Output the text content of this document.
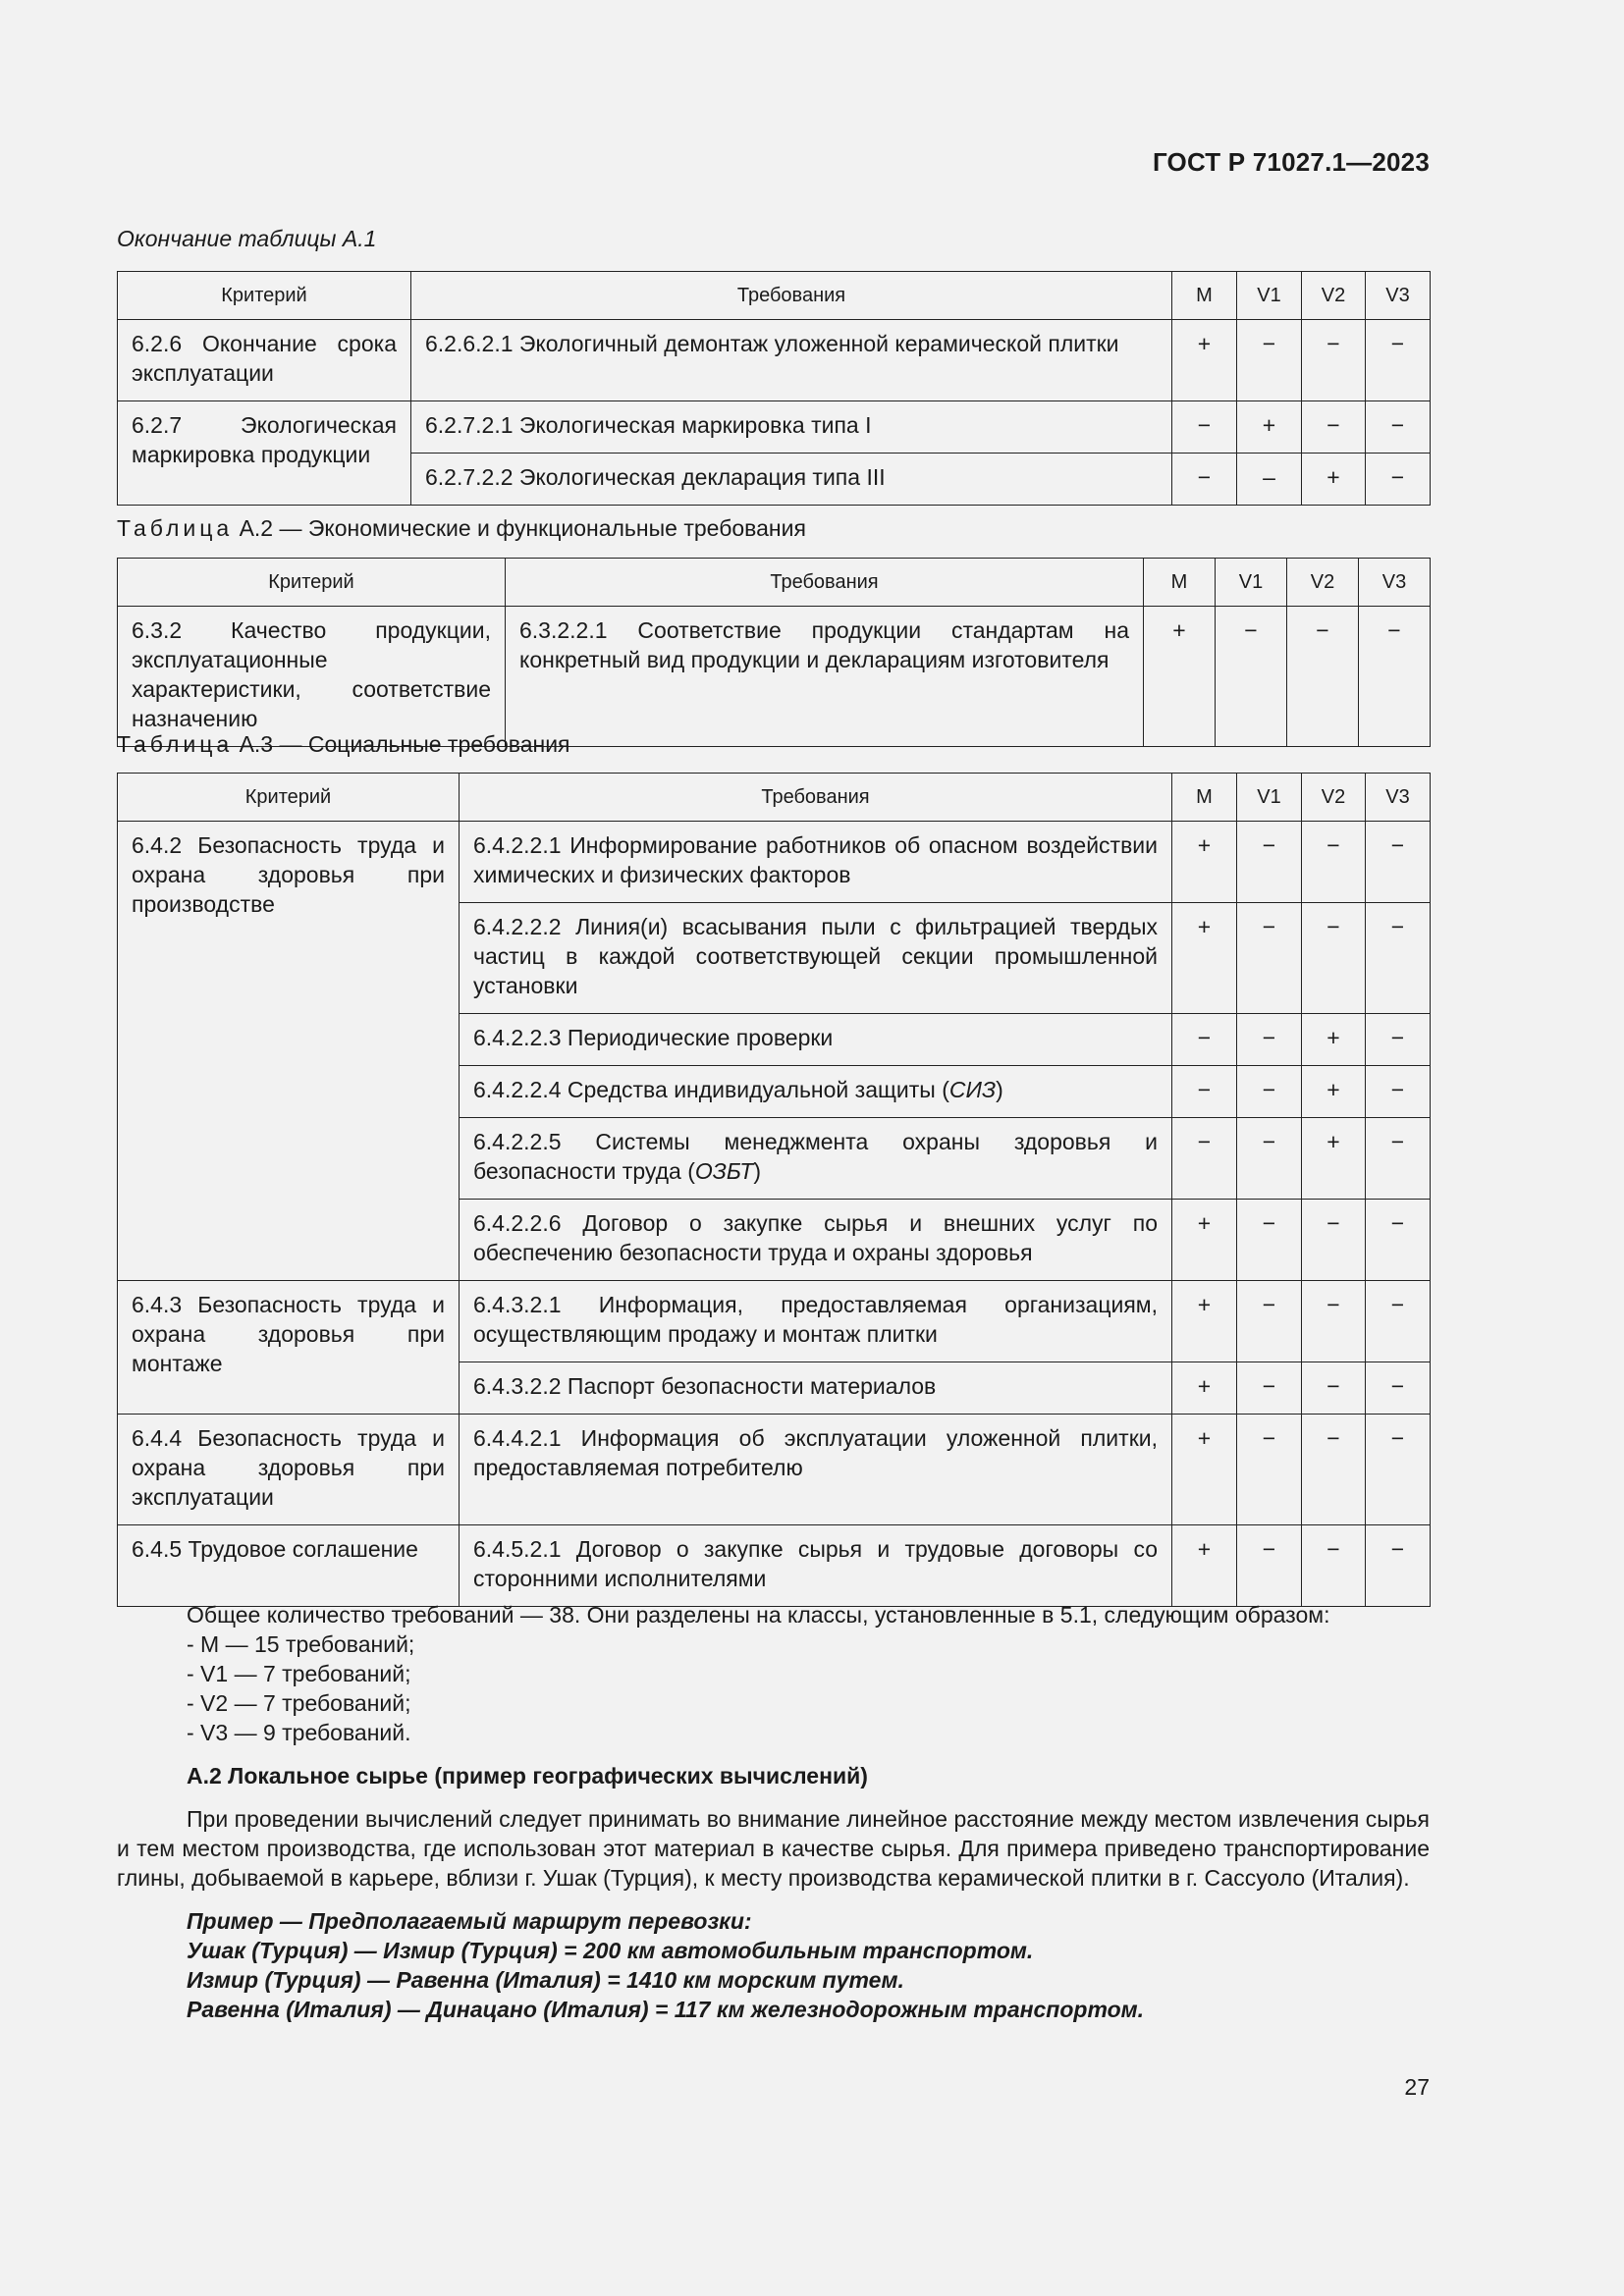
ГОСТ Р 71027.1—2023
Окончание таблицы А.1
Критерий	Требования	M	V1	V2	V3
6.2.6 Окончание срока эксплуатации	6.2.6.2.1 Экологичный демонтаж уложенной керамической плитки	+	−	−	−
6.2.7 Экологическая маркировка продукции	6.2.7.2.1 Экологическая маркировка типа I	−	+	−	−
	6.2.7.2.2 Экологическая декларация типа III	−	–	+	−
Таблица А.2 — Экономические и функциональные требования
Критерий	Требования	M	V1	V2	V3
6.3.2 Качество продукции, эксплуатационные характеристики, соответствие назначению	6.3.2.2.1 Соответствие продукции стандартам на конкретный вид продукции и декларациям изготовителя	+	−	−	−
Таблица А.3 — Социальные требования
Критерий	Требования	M	V1	V2	V3
6.4.2 Безопасность труда и охрана здоровья при производстве	6.4.2.2.1 Информирование работников об опасном воздействии химических и физических факторов	+	−	−	−
	6.4.2.2.2 Линия(и) всасывания пыли с фильтрацией твердых частиц в каждой соответствующей секции промышленной установки	+	−	−	−
	6.4.2.2.3 Периодические проверки	−	−	+	−
	6.4.2.2.4 Средства индивидуальной защиты (СИЗ)	−	−	+	−
	6.4.2.2.5 Системы менеджмента охраны здоровья и безопасности труда (ОЗБТ)	−	−	+	−
	6.4.2.2.6 Договор о закупке сырья и внешних услуг по обеспечению безопасности труда и охраны здоровья	+	−	−	−
6.4.3 Безопасность труда и охрана здоровья при монтаже	6.4.3.2.1 Информация, предоставляемая организациям, осуществляющим продажу и монтаж плитки	+	−	−	−
	6.4.3.2.2 Паспорт безопасности материалов	+	−	−	−
6.4.4 Безопасность труда и охрана здоровья при эксплуатации	6.4.4.2.1 Информация об эксплуатации уложенной плитки, предоставляемая потребителю	+	−	−	−
6.4.5 Трудовое соглашение	6.4.5.2.1 Договор о закупке сырья и трудовые договоры со сторонними исполнителями	+	−	−	−

Общее количество требований — 38. Они разделены на классы, установленные в 5.1, следующим образом:

- M — 15 требований;

- V1 — 7 требований;

- V2 — 7 требований;

- V3 — 9 требований.

А.2 Локальное сырье (пример географических вычислений)

При проведении вычислений следует принимать во внимание линейное расстояние между местом извлечения сырья и тем местом производства, где использован этот материал в качестве сырья. Для примера приведено транспортирование глины, добываемой в карьере, вблизи г. Ушак (Турция), к месту производства керамической плитки в г. Сассуоло (Италия).

Пример — Предполагаемый маршрут перевозки:

Ушак (Турция) — Измир (Турция) = 200 км автомобильным транспортом.

Измир (Турция) — Равенна (Италия) = 1410 км морским путем.

Равенна (Италия) — Динацано (Италия) = 117 км железнодорожным транспортом.

27
